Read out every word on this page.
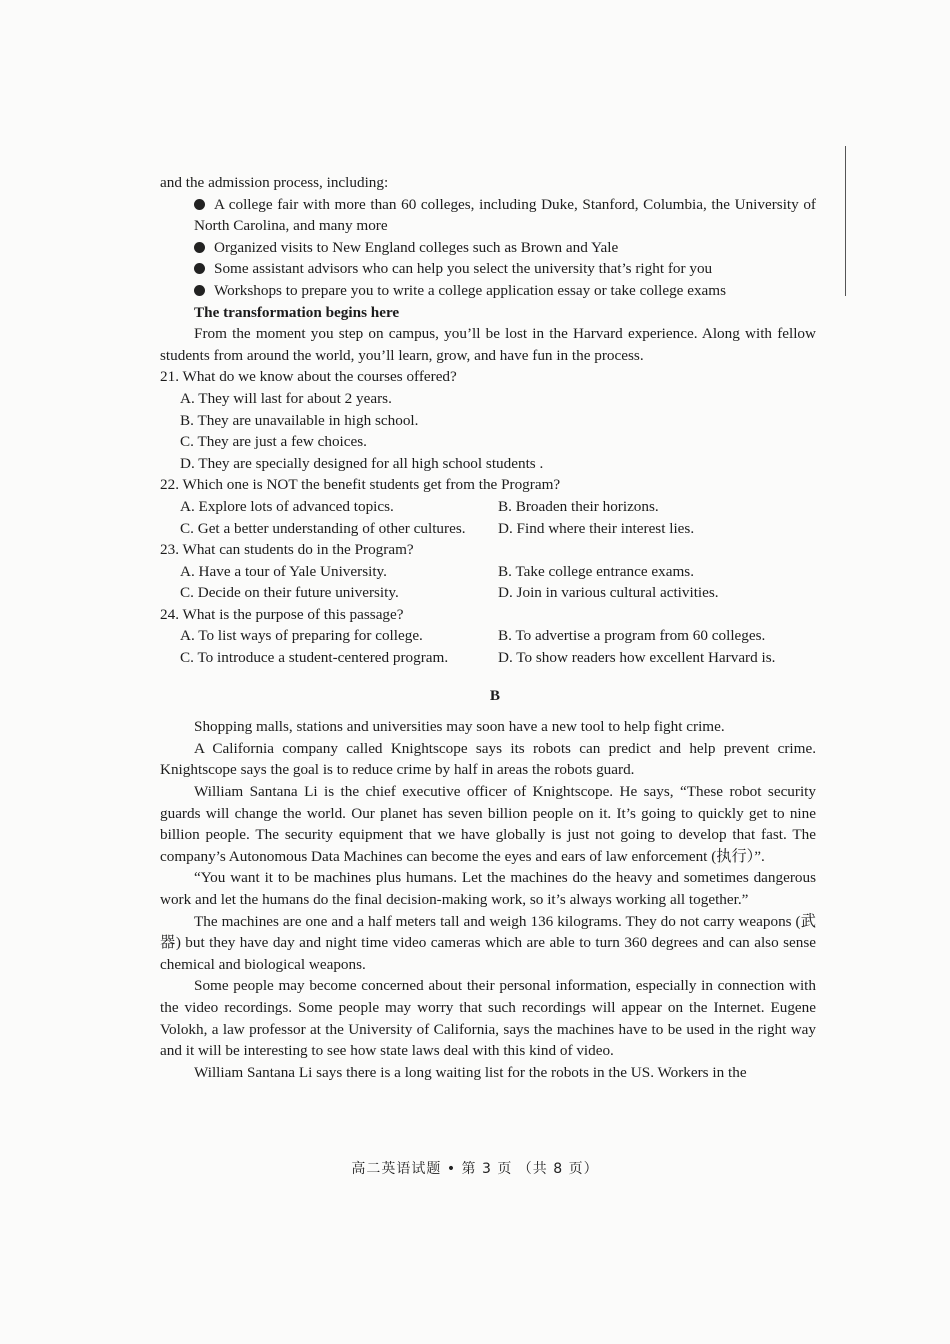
and the admission process, including:

A college fair with more than 60 colleges, including Duke, Stanford, Columbia, the University of North Carolina, and many more

Organized visits to New England colleges such as Brown and Yale

Some assistant advisors who can help you select the university that’s right for you

Workshops to prepare you to write a college application essay or take college exams

The transformation begins here

From the moment you step on campus, you’ll be lost in the Harvard experience. Along with fellow students from around the world, you’ll learn, grow, and have fun in the process.

21. What do we know about the courses offered?

A. They will last for about 2 years.

B. They are unavailable in high school.

C. They are just a few choices.

D. They are specially designed for all high school students .

22. Which one is NOT the benefit students get from the Program?

A. Explore lots of advanced topics.	B. Broaden their horizons.
C. Get a better understanding of other cultures.	D. Find where their interest lies.

23. What can students do in the Program?

A. Have a tour of Yale University.	B. Take college entrance exams.
C. Decide on their future university.	D. Join in various cultural activities.

24. What is the purpose of this passage?

A. To list ways of preparing for college.	B. To advertise a program from 60 colleges.
C. To introduce a student-centered program.	D. To show readers how excellent Harvard is.

B

Shopping malls, stations and universities may soon have a new tool to help fight crime.

A California company called Knightscope says its robots can predict and help prevent crime. Knightscope says the goal is to reduce crime by half in areas the robots guard.

William Santana Li is the chief executive officer of Knightscope. He says, “These robot security guards will change the world. Our planet has seven billion people on it. It’s going to quickly get to nine billion people. The security equipment that we have globally is just not going to develop that fast. The company’s Autonomous Data Machines can become the eyes and ears of law enforcement (执行）”.

“You want it to be machines plus humans. Let the machines do the heavy and sometimes dangerous work and let the humans do the final decision-making work, so it’s always working all together.”

The machines are one and a half meters tall and weigh 136 kilograms. They do not carry weapons (武器) but they have day and night time video cameras which are able to turn 360 degrees and can also sense chemical and biological weapons.

Some people may become concerned about their personal information, especially in connection with the video recordings. Some people may worry that such recordings will appear on the Internet. Eugene Volokh, a law professor at the University of California, says the machines have to be used in the right way and it will be interesting to see how state laws deal with this kind of video.

William Santana Li says there is a long waiting list for the robots in the US. Workers in the

高二英语试题 • 第 3 页 （共 8 页）
